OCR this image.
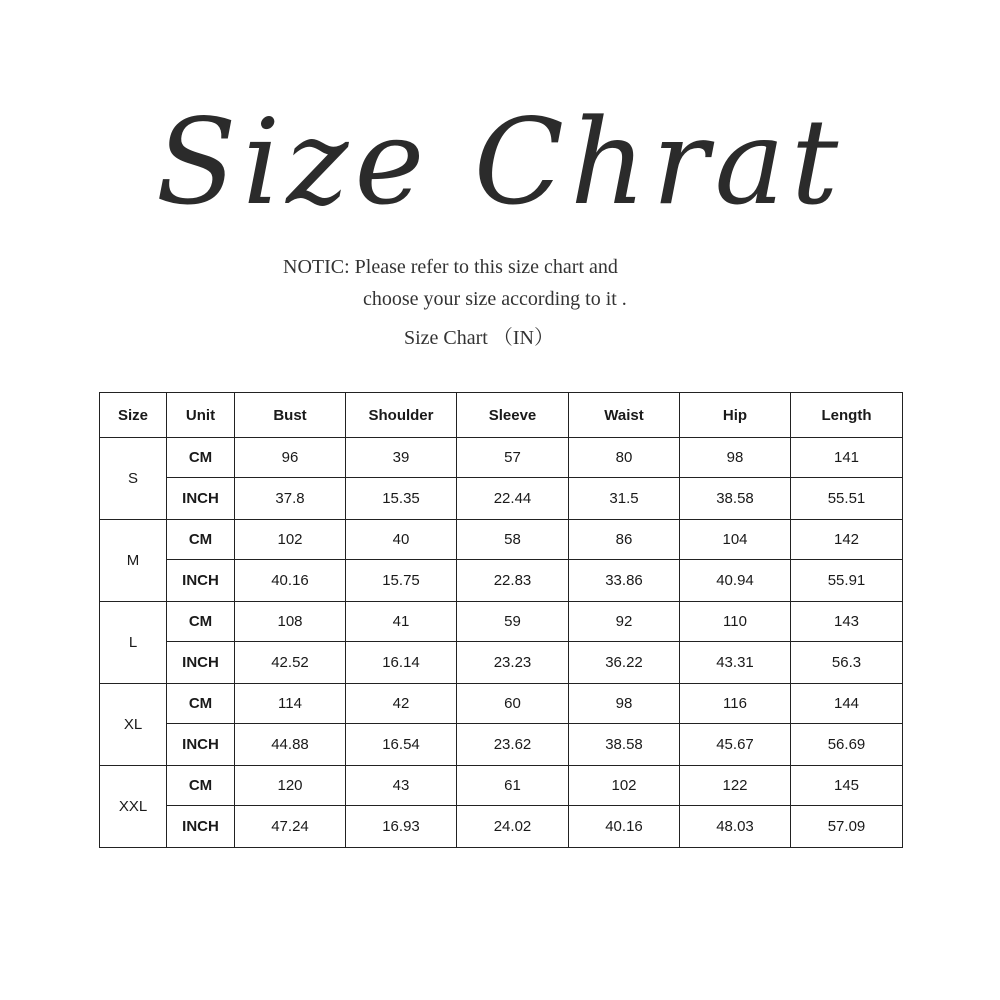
Size Chrat
NOTIC: Please refer to this size chart and
choose your size according to it .
Size Chart （IN）
Size	Unit	Bust	Shoulder	Sleeve	Waist	Hip	Length
S	CM	96	39	57	80	98	141
	INCH	37.8	15.35	22.44	31.5	38.58	55.51
M	CM	102	40	58	86	104	142
	INCH	40.16	15.75	22.83	33.86	40.94	55.91
L	CM	108	41	59	92	110	143
	INCH	42.52	16.14	23.23	36.22	43.31	56.3
XL	CM	114	42	60	98	116	144
	INCH	44.88	16.54	23.62	38.58	45.67	56.69
XXL	CM	120	43	61	102	122	145
	INCH	47.24	16.93	24.02	40.16	48.03	57.09
